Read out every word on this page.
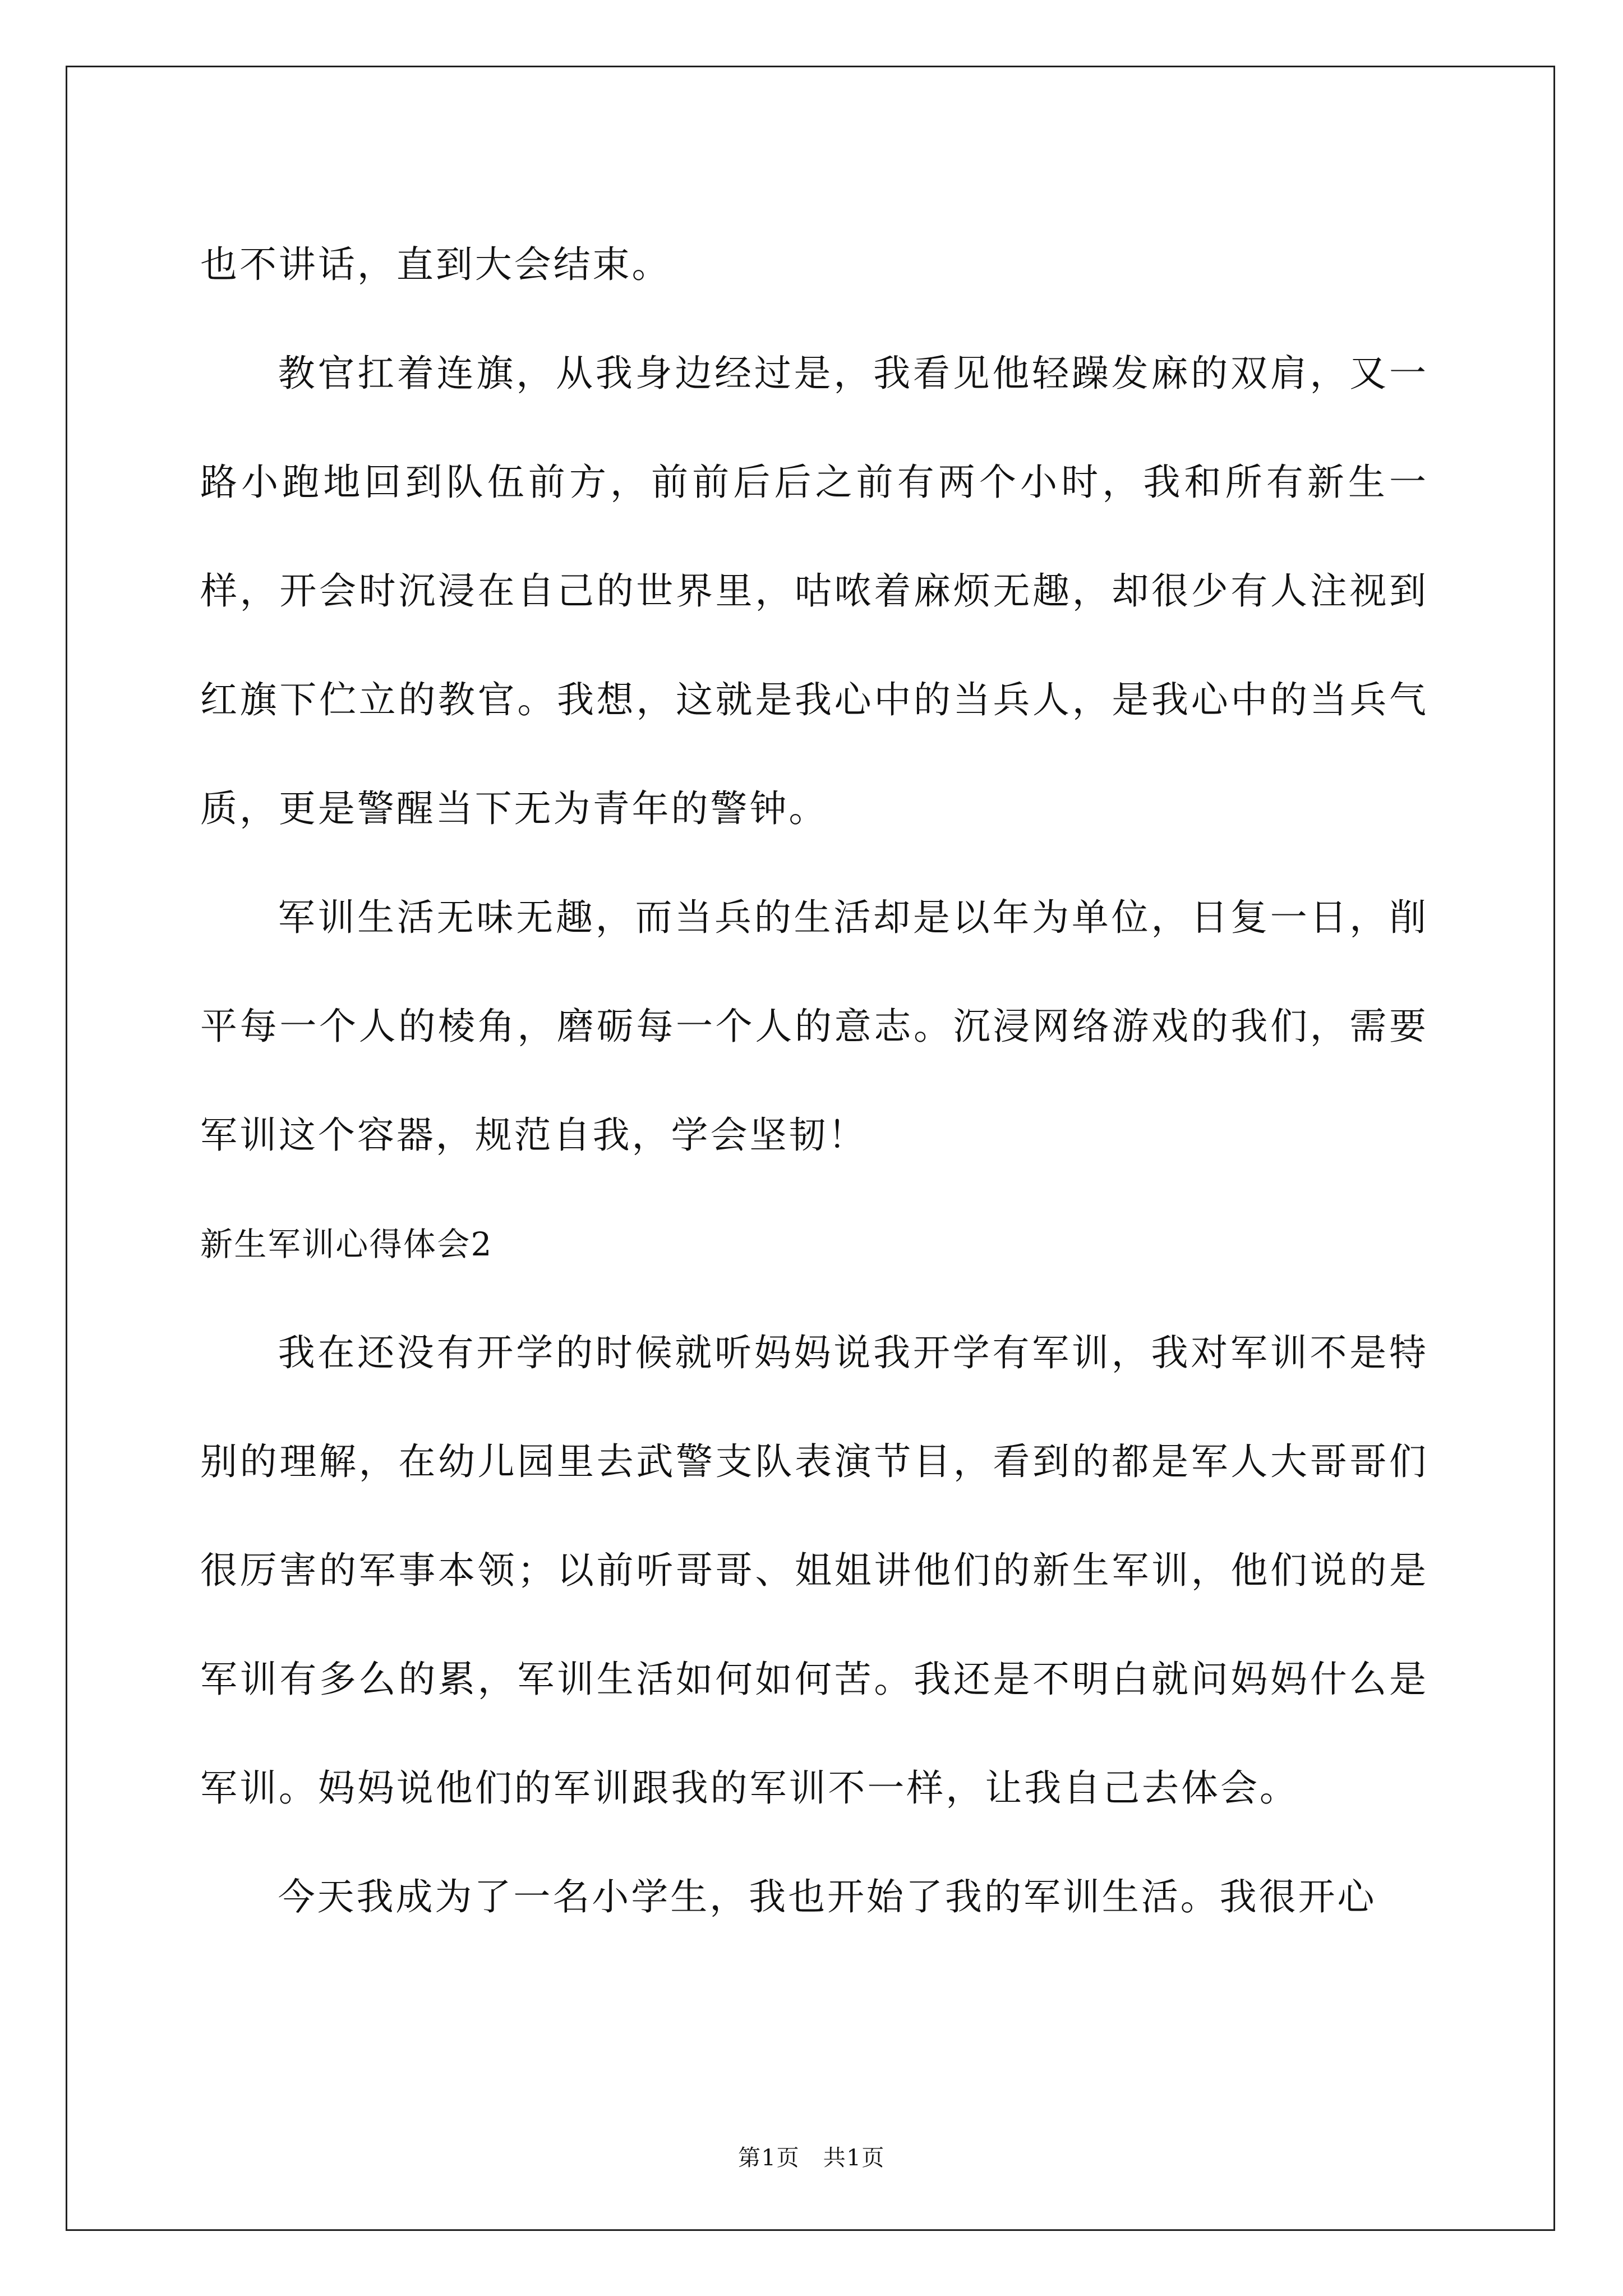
也不讲话，直到大会结束。

教官扛着连旗，从我身边经过是，我看见他轻躁发麻的双肩，又一路小跑地回到队伍前方，前前后后之前有两个小时，我和所有新生一样，开会时沉浸在自己的世界里，咕哝着麻烦无趣，却很少有人注视到红旗下伫立的教官。我想，这就是我心中的当兵人，是我心中的当兵气质，更是警醒当下无为青年的警钟。

军训生活无味无趣，而当兵的生活却是以年为单位，日复一日，削平每一个人的棱角，磨砺每一个人的意志。沉浸网络游戏的我们，需要军训这个容器，规范自我，学会坚韧！

新生军训心得体会2

我在还没有开学的时候就听妈妈说我开学有军训，我对军训不是特别的理解，在幼儿园里去武警支队表演节目，看到的都是军人大哥哥们很厉害的军事本领；以前听哥哥、姐姐讲他们的新生军训，他们说的是军训有多么的累，军训生活如何如何苦。我还是不明白就问妈妈什么是军训。妈妈说他们的军训跟我的军训不一样，让我自己去体会。

今天我成为了一名小学生，我也开始了我的军训生活。我很开心

第1页　共1页
